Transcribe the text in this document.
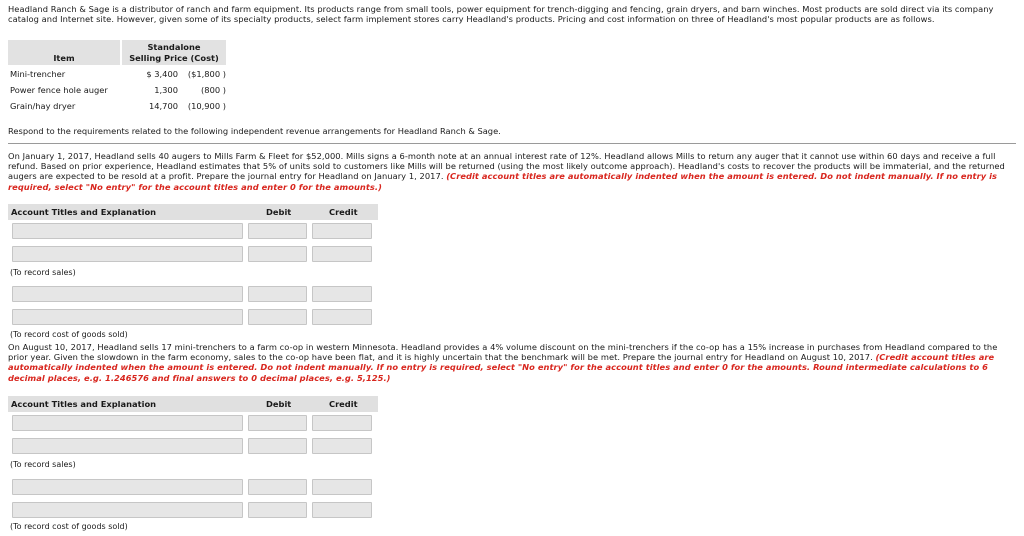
Headland Ranch & Sage is a distributor of ranch and farm equipment. Its products range from small tools, power equipment for trench-digging and fencing, grain dryers, and barn winches. Most products are sold direct via its company catalog and Internet site. However, given some of its specialty products, select farm implement stores carry Headland's products. Pricing and cost information on three of Headland's most popular products are as follows.
Item
Standalone
Selling Price (Cost)
Mini-trencher	$ 3,400	($1,800 )
Power fence hole auger	1,300	(800 )
Grain/hay dryer	14,700	(10,900 )
Respond to the requirements related to the following independent revenue arrangements for Headland Ranch & Sage.
On January 1, 2017, Headland sells 40 augers to Mills Farm & Fleet for $52,000. Mills signs a 6-month note at an annual interest rate of 12%. Headland allows Mills to return any auger that it cannot use within 60 days and receive a full refund. Based on prior experience, Headland estimates that 5% of units sold to customers like Mills will be returned (using the most likely outcome approach). Headland's costs to recover the products will be immaterial, and the returned augers are expected to be resold at a profit. Prepare the journal entry for Headland on January 1, 2017. (Credit account titles are automatically indented when the amount is entered. Do not indent manually. If no entry is required, select "No entry" for the account titles and enter 0 for the amounts.)
Account Titles and Explanation	Debit	Credit
(To record sales)
(To record cost of goods sold)
On August 10, 2017, Headland sells 17 mini-trenchers to a farm co-op in western Minnesota. Headland provides a 4% volume discount on the mini-trenchers if the co-op has a 15% increase in purchases from Headland compared to the prior year. Given the slowdown in the farm economy, sales to the co-op have been flat, and it is highly uncertain that the benchmark will be met. Prepare the journal entry for Headland on August 10, 2017. (Credit account titles are automatically indented when the amount is entered. Do not indent manually. If no entry is required, select "No entry" for the account titles and enter 0 for the amounts. Round intermediate calculations to 6 decimal places, e.g. 1.246576 and final answers to 0 decimal places, e.g. 5,125.)
Account Titles and Explanation	Debit	Credit
(To record sales)
(To record cost of goods sold)
